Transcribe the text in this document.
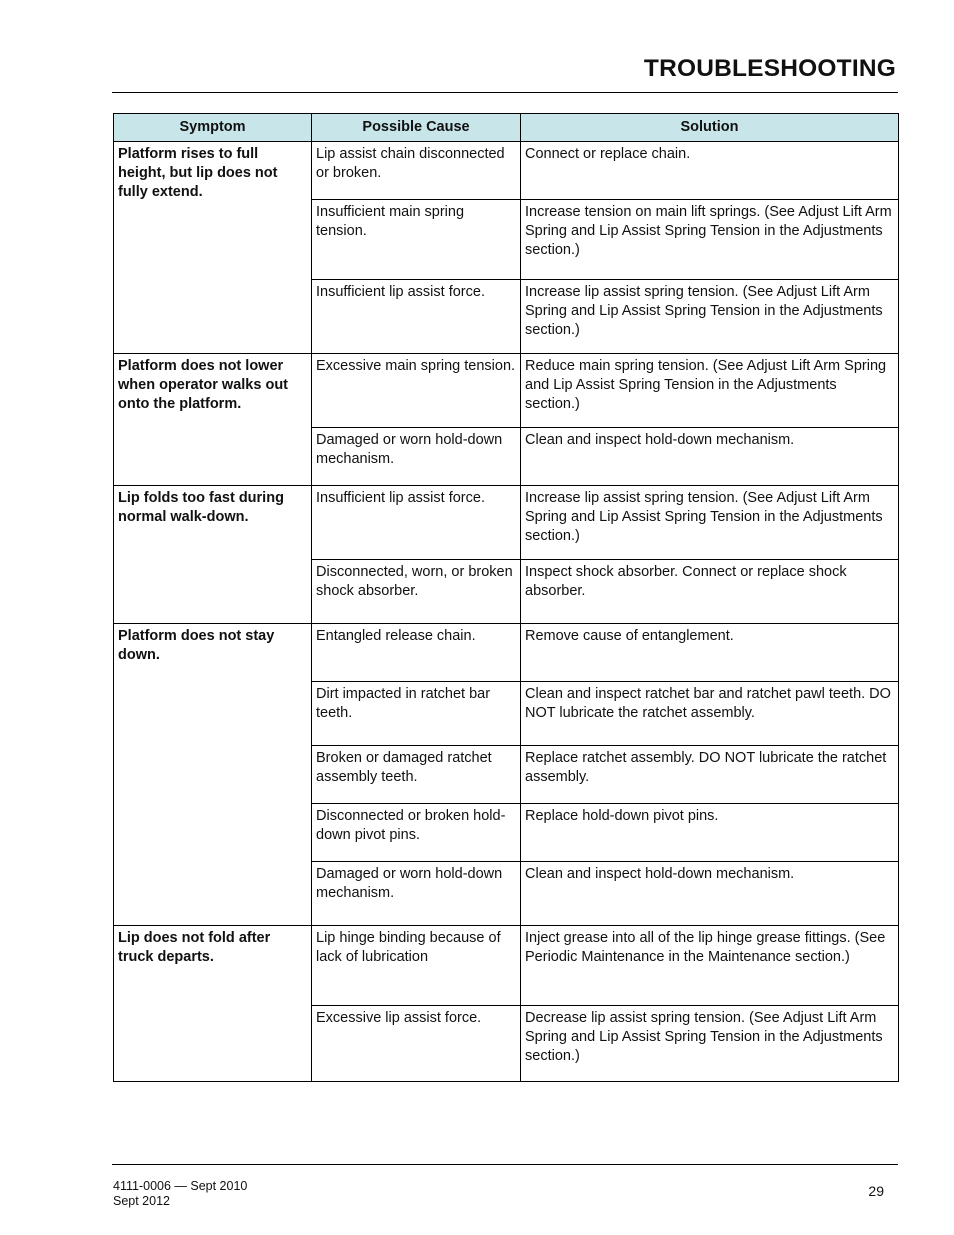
TROUBLESHOOTING
Symptom	Possible Cause	Solution
Platform rises to full height, but lip does not fully extend.	Lip assist chain disconnected or broken.	Connect or replace chain.
	Insufficient main spring tension.	Increase tension on main lift springs. (See Adjust Lift Arm Spring and Lip Assist Spring Tension in the Adjustments section.)
	Insufficient lip assist force.	Increase lip assist spring tension. (See Adjust Lift Arm Spring and Lip Assist Spring Tension in the Adjustments section.)
Platform does not lower when operator walks out onto the platform.	Excessive main spring tension.	Reduce main spring tension. (See Adjust Lift Arm Spring and Lip Assist Spring Tension in the Adjustments section.)
	Damaged or worn hold-down mechanism.	Clean and inspect hold-down mechanism.
Lip folds too fast during normal walk-down.	Insufficient lip assist force.	Increase lip assist spring tension. (See Adjust Lift Arm Spring and Lip Assist Spring Tension in the Adjustments section.)
	Disconnected, worn, or broken shock absorber.	Inspect shock absorber. Connect or replace shock absorber.
Platform does not stay down.	Entangled release chain.	Remove cause of entanglement.
	Dirt impacted in ratchet bar teeth.	Clean and inspect ratchet bar and ratchet pawl teeth. DO NOT lubricate the ratchet assembly.
	Broken or damaged ratchet assembly teeth.	Replace ratchet assembly. DO NOT lubricate the ratchet assembly.
	Disconnected or broken hold-down pivot pins.	Replace hold-down pivot pins.
	Damaged or worn hold-down mechanism.	Clean and inspect hold-down mechanism.
Lip does not fold after truck departs.	Lip hinge binding because of lack of lubrication	Inject grease into all of the lip hinge grease fittings. (See Periodic Maintenance in the Maintenance section.)
	Excessive lip assist force.	Decrease lip assist spring tension. (See Adjust Lift Arm Spring and Lip Assist Spring Tension in the Adjustments section.)
4111-0006 — Sept 2010
Sept 2012
29
